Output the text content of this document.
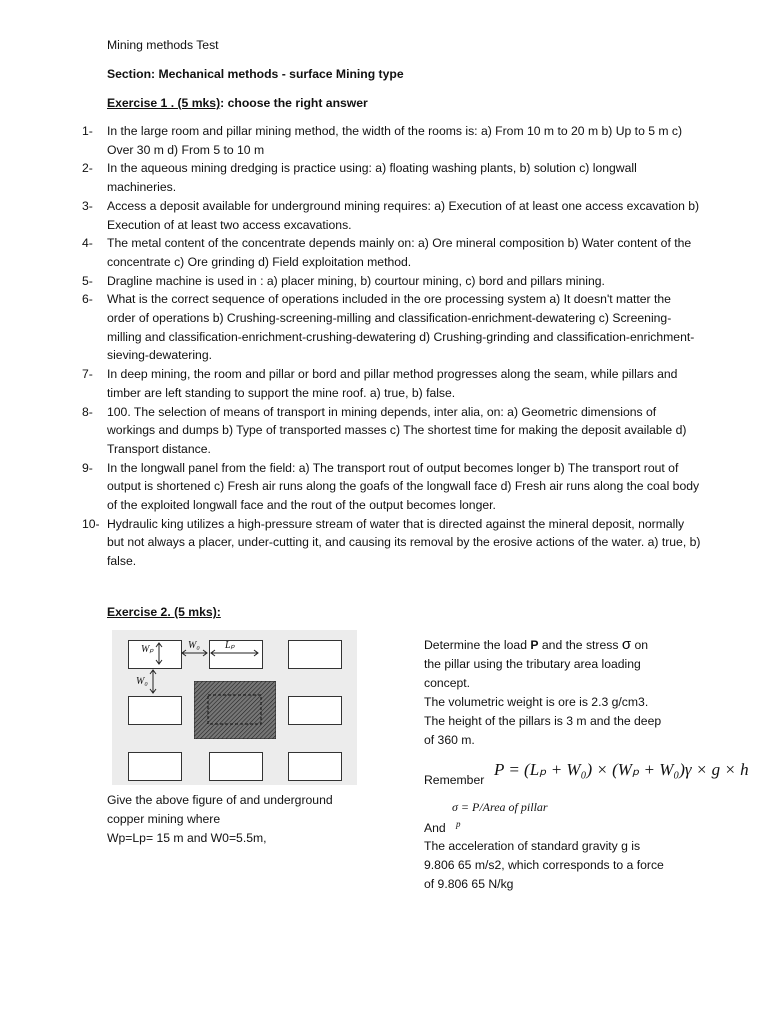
Mining methods Test
Section: Mechanical methods - surface Mining type
Exercise 1 . (5 mks): choose the right answer
1- In the large room and pillar mining method, the width of the rooms is: a) From 10 m to 20 m b) Up to 5 m c) Over 30 m d) From 5 to 10 m
2- In the aqueous mining dredging is practice using: a) floating washing plants, b) solution c) longwall machineries.
3- Access a deposit available for underground mining requires: a) Execution of at least one access excavation b) Execution of at least two access excavations.
4- The metal content of the concentrate depends mainly on: a) Ore mineral composition b) Water content of the concentrate c) Ore grinding d) Field exploitation method.
5- Dragline machine is used in : a) placer mining, b) courtour mining, c) bord and pillars mining.
6- What is the correct sequence of operations included in the ore processing system a) It doesn't matter the order of operations b) Crushing-screening-milling and classification-enrichment-dewatering c) Screening-milling and classification-enrichment-crushing-dewatering d) Crushing-grinding and classification-enrichment-sieving-dewatering.
7- In deep mining, the room and pillar or bord and pillar method progresses along the seam, while pillars and timber are left standing to support the mine roof. a) true, b) false.
8- 100. The selection of means of transport in mining depends, inter alia, on: a) Geometric dimensions of workings and dumps b) Type of transported masses c) The shortest time for making the deposit available d) Transport distance.
9- In the longwall panel from the field: a) The transport rout of output becomes longer b) The transport rout of output is shortened c) Fresh air runs along the goafs of the longwall face d) Fresh air runs along the coal body of the exploited longwall face and the rout of the output becomes longer.
10- Hydraulic king utilizes a high-pressure stream of water that is directed against the mineral deposit, normally but not always a placer, under-cutting it, and causing its removal by the erosive actions of the water. a) true, b) false.
Exercise 2. (5 mks):
Wₚ	W₀	Lₚ
W₀
Give the above figure of and underground
copper mining where
Wp=Lp= 15 m and W0=5.5m,
Determine the load P and the stress σ on
the pillar using the tributary area loading
concept.
The volumetric weight is ore is 2.3 g/cm3.
The height of the pillars is 3 m and the deep
of 360 m.
Remember
P = (Lₚ + W₀) × (Wₚ + W₀)γ × g × h
σ = P/Area of pillar
And p
The acceleration of standard gravity g is
9.806 65 m/s2, which corresponds to a force
of 9.806 65 N/kg
